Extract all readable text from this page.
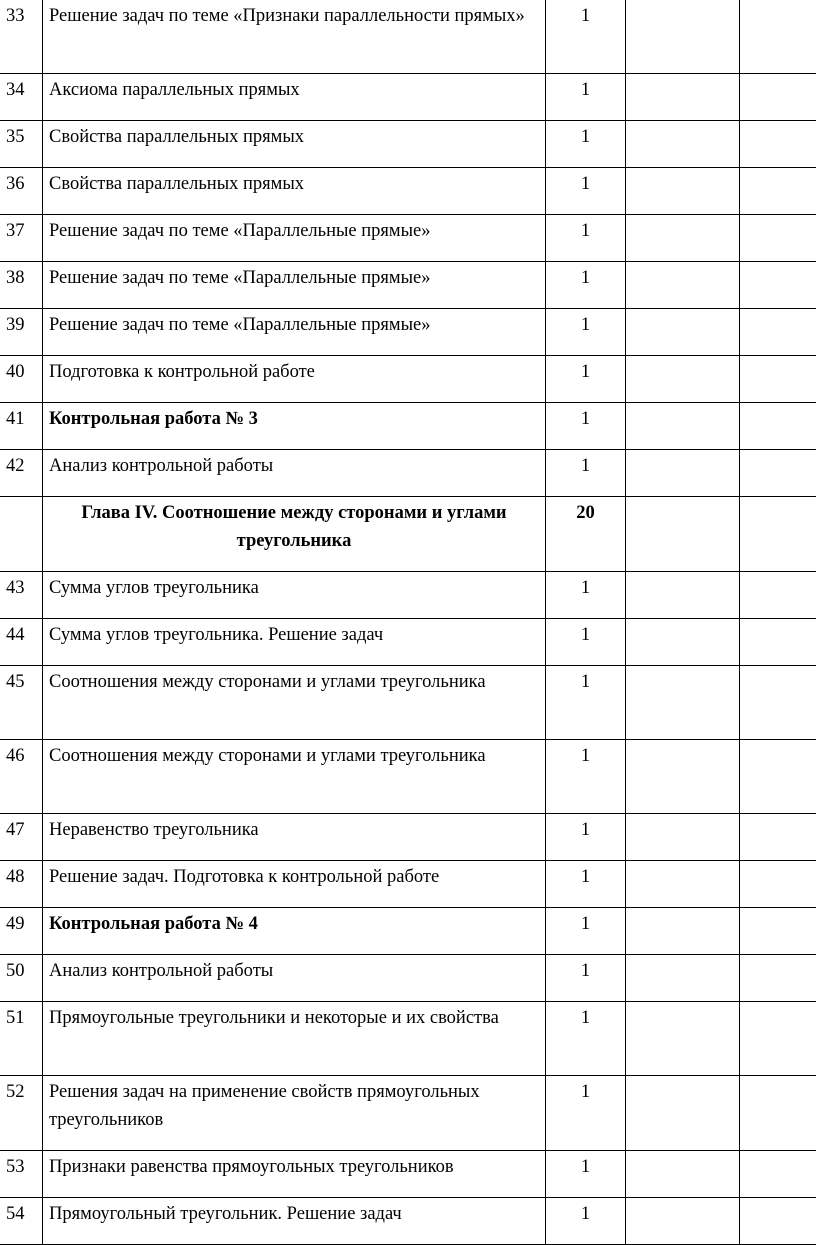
33	Решение задач по теме «Признаки параллельности прямых»	1		
34	Аксиома параллельных прямых	1		
35	Свойства параллельных прямых	1		
36	Свойства параллельных прямых	1		
37	Решение задач по теме «Параллельные прямые»	1		
38	Решение задач по теме «Параллельные прямые»	1		
39	Решение задач по теме «Параллельные прямые»	1		
40	Подготовка к контрольной работе	1		
41	Контрольная работа № 3	1		
42	Анализ контрольной работы	1		
	Глава IV. Соотношение между сторонами и углами треугольника	20		
43	Сумма углов треугольника	1		
44	Сумма углов треугольника. Решение задач	1		
45	Соотношения между сторонами и углами треугольника	1		
46	Соотношения между сторонами и углами треугольника	1		
47	Неравенство треугольника	1		
48	Решение задач. Подготовка к контрольной работе	1		
49	Контрольная работа № 4	1		
50	Анализ контрольной работы	1		
51	Прямоугольные треугольники и некоторые и их свойства	1		
52	Решения задач на применение свойств прямоугольных треугольников	1		
53	Признаки равенства прямоугольных треугольников	1		
54	Прямоугольный треугольник. Решение задач	1		
